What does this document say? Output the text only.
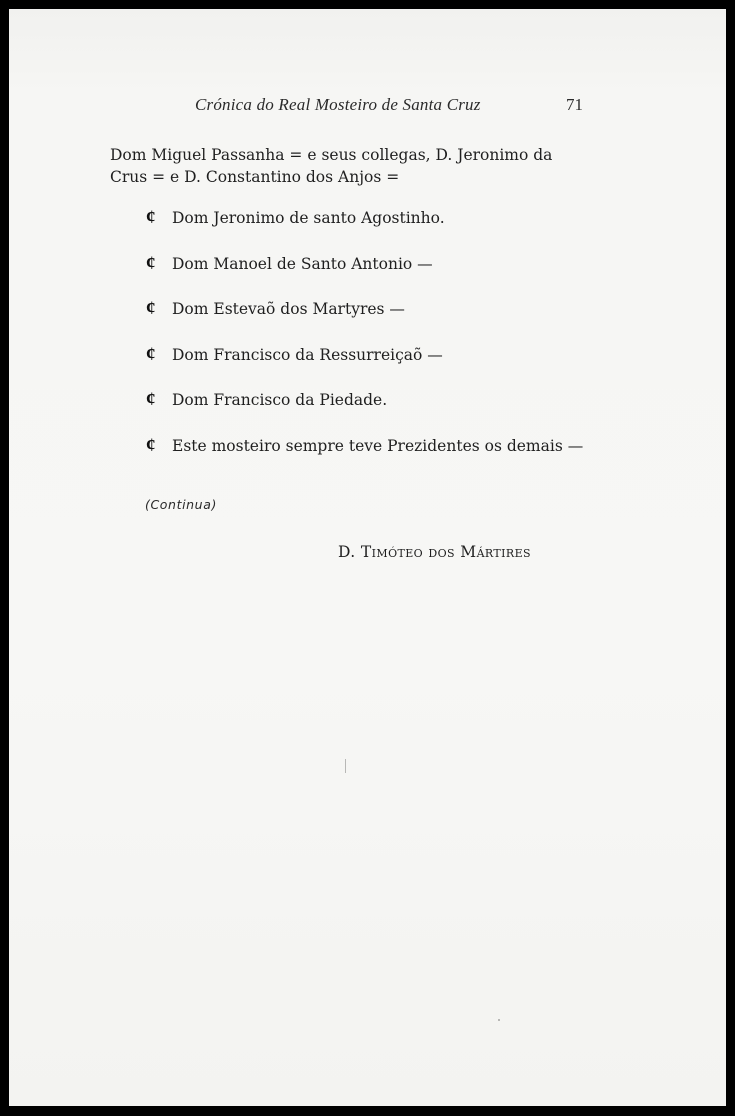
Crónica do Real Mosteiro de Santa Cruz	71
Dom Miguel Passanha = e seus collegas, D. Jeronimo da
Crus = e D. Constantino dos Anjos =
¢	Dom Jeronimo de santo Agostinho.
¢	Dom Manoel de Santo Antonio —
¢	Dom Estevaõ dos Martyres —
¢	Dom Francisco da Ressurreiçaõ —
¢	Dom Francisco da Piedade.
¢	Este mosteiro sempre teve Prezidentes os demais —
(Continua)
D. Timóteo dos Mártires
